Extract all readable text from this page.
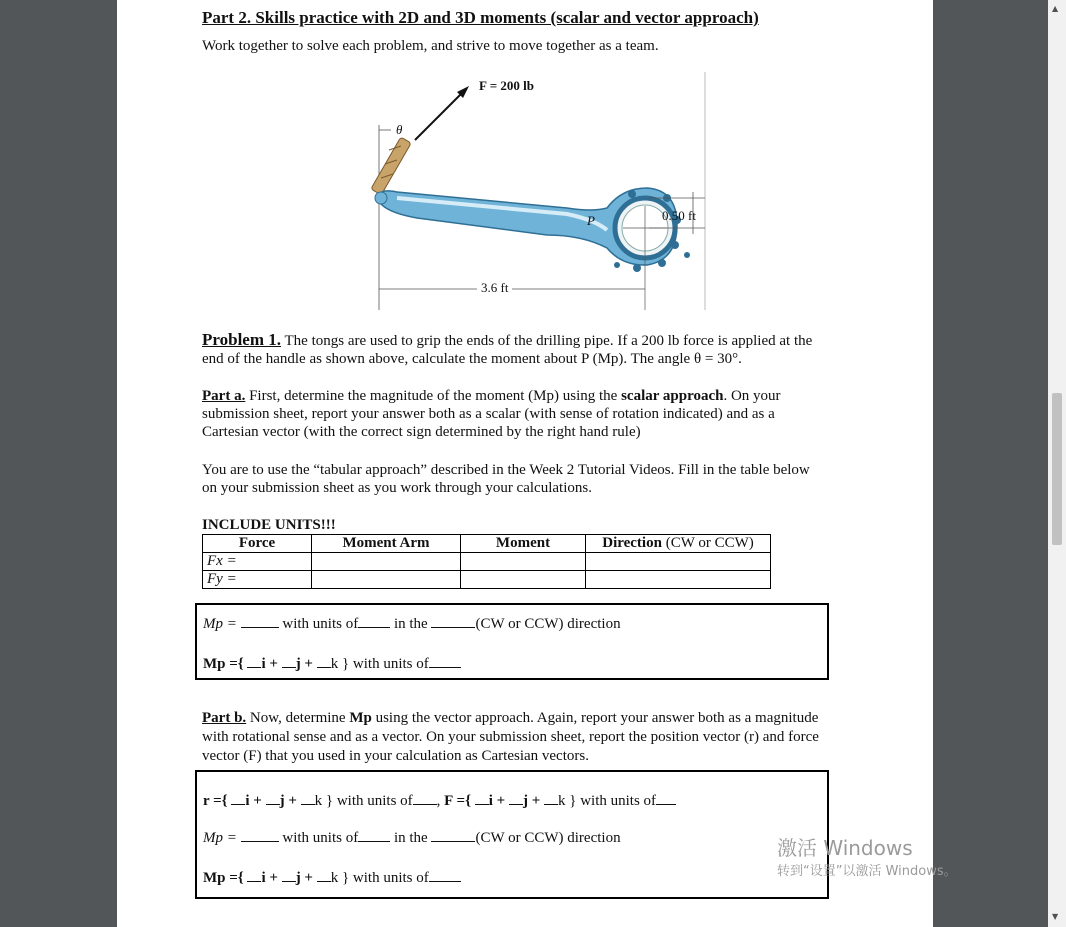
Part 2. Skills practice with 2D and 3D moments (scalar and vector approach)
Work together to solve each problem, and strive to move together as a team.
F = 200 lb
θ
3.6 ft
0.50 ft
P
Problem 1. The tongs are used to grip the ends of the drilling pipe. If a 200 lb force is applied at the
end of the handle as shown above, calculate the moment about P (Mp). The angle θ = 30°.
Part a. First, determine the magnitude of the moment (Mp) using the scalar approach. On your
submission sheet, report your answer both as a scalar (with sense of rotation indicated) and as a
Cartesian vector (with the correct sign determined by the right hand rule)
You are to use the “tabular approach” described in the Week 2 Tutorial Videos. Fill in the table below
on your submission sheet as you work through your calculations.
INCLUDE UNITS!!!
Force	Moment Arm	Moment	Direction (CW or CCW)
Fx =			
Fy =			
Mp =	with units of in the	(CW or CCW) direction
Mp ={ i + j + k } with units of
Part b. Now, determine Mp using the vector approach. Again, report your answer both as a magnitude
with rotational sense and as a vector. On your submission sheet, report the position vector (r) and force
vector (F) that you used in your calculation as Cartesian vectors.
r ={ i + j + k } with units of , F ={ i + j + k } with units of
Mp =	with units of in the	(CW or CCW) direction
Mp ={ i + j + k } with units of
激活 Windows
转到“设置”以激活 Windows。
▲
▼
